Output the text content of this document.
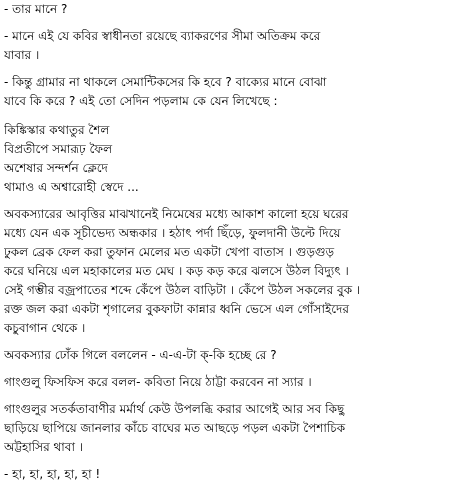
- তার মানে ?

- মানে এই যে কবির স্বাধীনতা রয়েছে ব্যাকরণের সীমা অতিক্রম করে
যাবার ।

- কিন্তু গ্রামার না থাকলে সেমান্টিকসের কি হবে ? বাক্যের মানে বোঝা
যাবে কি করে ? এই তো সেদিন পড়লাম কে যেন লিখেছে :

কিঙ্কিস্কার কথাতুর শৈল
বিপ্রতীপে সমারূঢ় ফৈল
অশেষার সন্দর্শন ক্লেদে
থামাও এ অশ্বারোহী স্বেদে ...

অবকস্যারের আবৃত্তির মাঝখানেই নিমেষের মধ্যে আকাশ কালো হয়ে ঘরের
মধ্যে যেন এক সূচীভেদ্য অন্ধকার । হঠাৎ পর্দা ছিঁড়ে, ফুলদানী উল্টে দিয়ে
ঢুকল ব্রেক ফেল করা তুফান মেলের মত একটা খেপা বাতাস । গুড়গুড়
করে ঘনিয়ে এল মহাকালের মত মেঘ । কড় কড় করে ঝলসে উঠল বিদ্যুৎ ।
সেই গম্ভীর বজ্রপাতের শব্দে কেঁপে উঠল বাড়িটা । কেঁপে উঠল সকলের বুক ।
রক্ত জল করা একটা শৃগালের বুকফাটা কান্নার ধ্বনি ভেসে এল গোঁসাইদের
কচুবাগান থেকে ।

অবকস্যার ঢোঁক গিলে বললেন - এ-এ-টা ক্-কি হচ্ছে রে ?

গাংগুলু ফিসফিস করে বলল- কবিতা নিয়ে ঠাট্টা করবেন না স্যার ।

গাংগুলুর সতর্কতাবাণীর মর্মার্থ কেউ উপলব্ধি করার আগেই আর সব কিছু
ছাড়িয়ে ছাপিয়ে জানলার কাঁচে বাঘের মত আছড়ে পড়ল একটা পৈশাচিক
অট্টহাসির থাবা ।

- হা, হা, হা, হা, হা !
